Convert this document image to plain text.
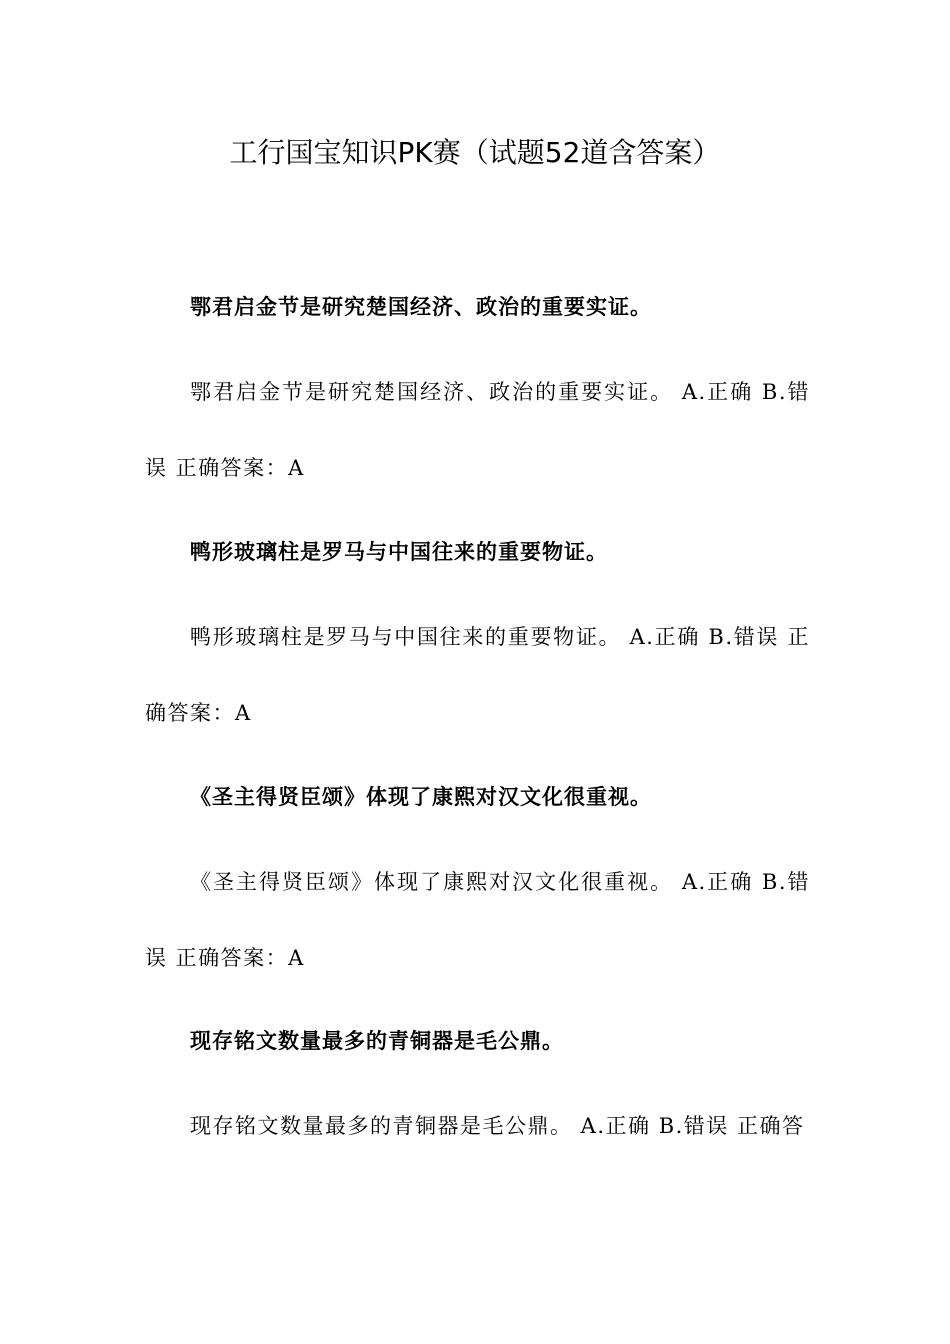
工行国宝知识PK赛（试题52道含答案）
鄂君启金节是研究楚国经济、政治的重要实证。
鄂君启金节是研究楚国经济、政治的重要实证。 A.正确 B.错误 正确答案：A
鸭形玻璃柱是罗马与中国往来的重要物证。
鸭形玻璃柱是罗马与中国往来的重要物证。 A.正确 B.错误 正确答案：A
《圣主得贤臣颂》体现了康熙对汉文化很重视。
《圣主得贤臣颂》体现了康熙对汉文化很重视。 A.正确 B.错误 正确答案：A
现存铭文数量最多的青铜器是毛公鼎。
现存铭文数量最多的青铜器是毛公鼎。 A.正确 B.错误 正确答
